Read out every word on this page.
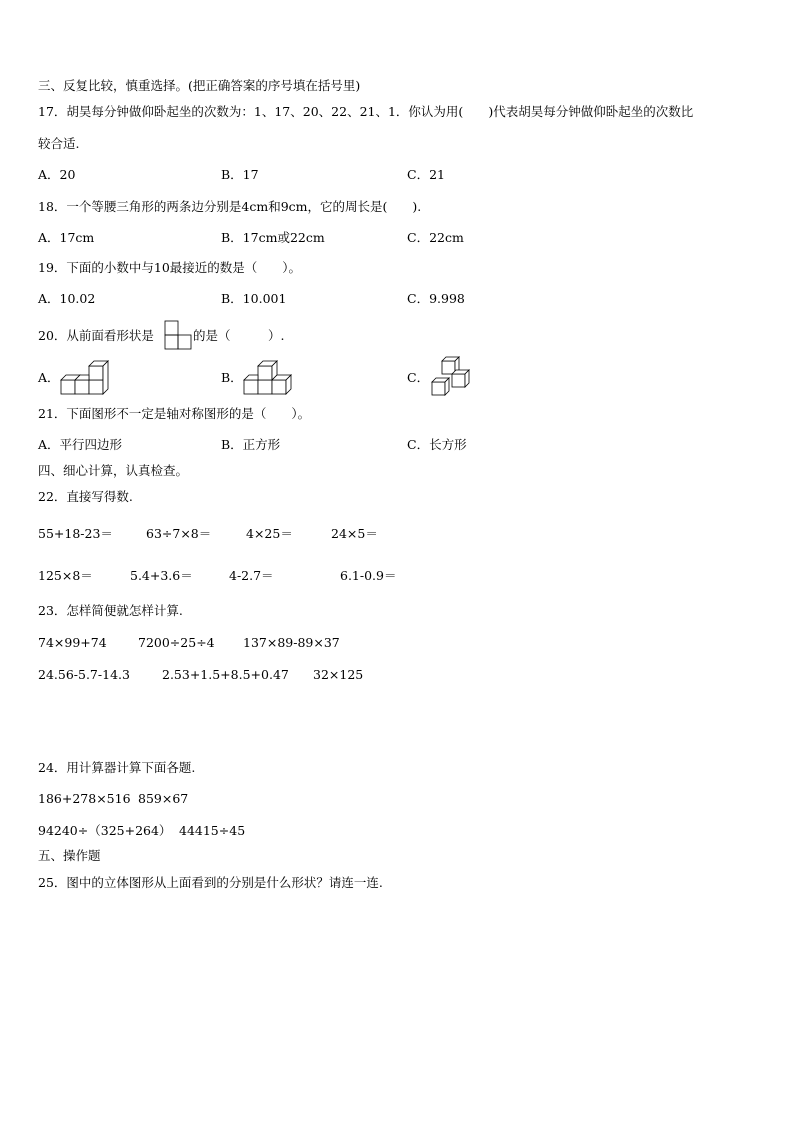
三、反复比较，慎重选择。(把正确答案的序号填在括号里)
17．胡昊每分钟做仰卧起坐的次数为：1、17、20、22、21、1．你认为用(　　)代表胡昊每分钟做仰卧起坐的次数比
较合适.
A．20	B．17	C．21
18．一个等腰三角形的两条边分别是4cm和9cm，它的周长是(　　).
A．17cm	B．17cm或22cm	C．22cm
19．下面的小数中与10最接近的数是（　　）。
A．10.02	B．10.001	C．9.998
20．从前面看形状是	的是（　　　）.
A．	B．	C．
21．下面图形不一定是轴对称图形的是（　　）。
A．平行四边形	B．正方形	C．长方形
四、细心计算，认真检查。
22．直接写得数.
55+18-23＝	63÷7×8＝	4×25＝	24×5＝
125×8＝	5.4+3.6＝	4-2.7＝	6.1-0.9＝
23．怎样简便就怎样计算.
74×99+74	7200÷25÷4 137×89-89×37
24.56-5.7-14.3	2.53+1.5+8.5+0.47 32×125
24．用计算器计算下面各题.
186+278×516 859×67
94240÷（325+264） 44415÷45
五、操作题
25．图中的立体图形从上面看到的分别是什么形状？请连一连.
